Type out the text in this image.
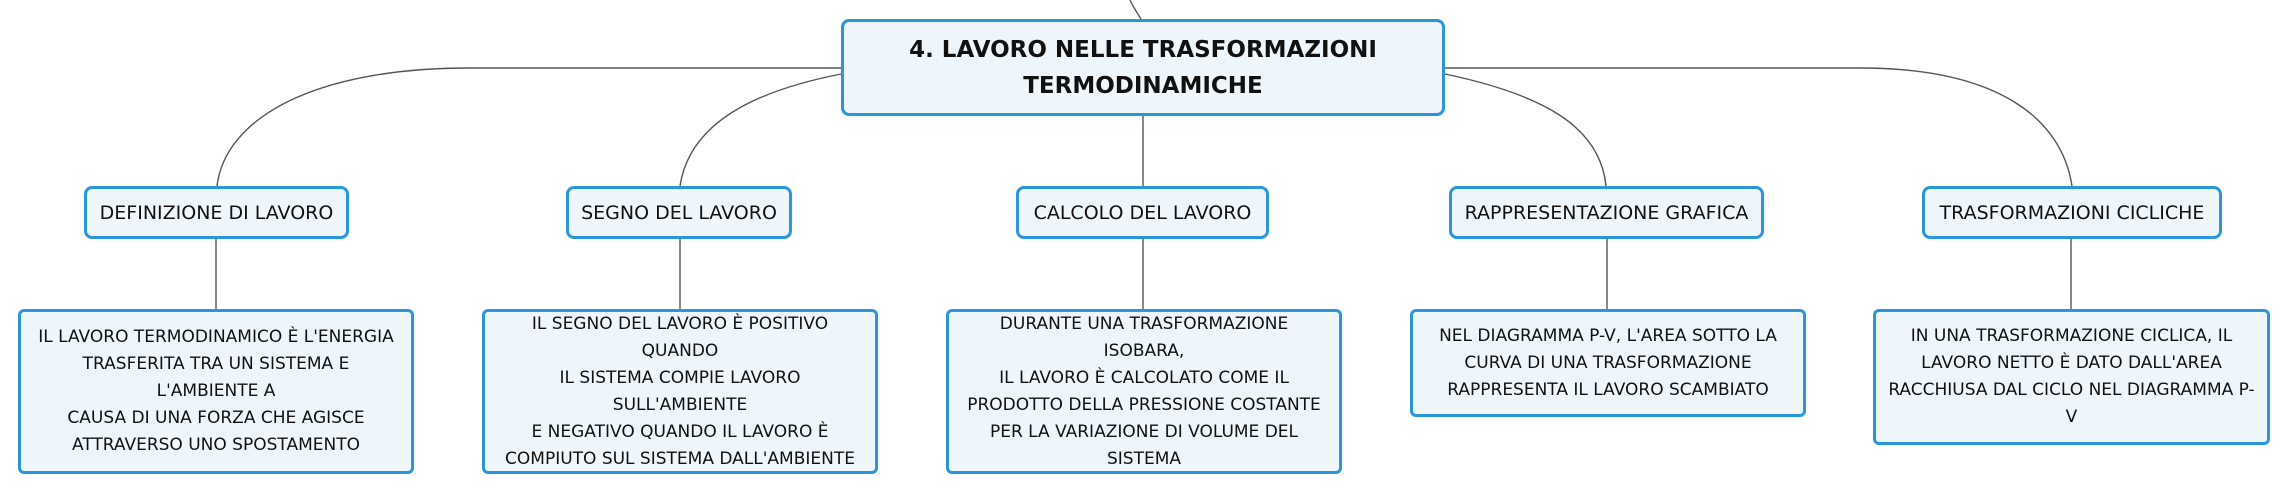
4. LAVORO NELLE TRASFORMAZIONI
TERMODINAMICHE
DEFINIZIONE DI LAVORO
IL LAVORO TERMODINAMICO È L'ENERGIA
TRASFERITA TRA UN SISTEMA E L'AMBIENTE A
CAUSA DI UNA FORZA CHE AGISCE
ATTRAVERSO UNO SPOSTAMENTO
SEGNO DEL LAVORO
IL SEGNO DEL LAVORO È POSITIVO QUANDO
IL SISTEMA COMPIE LAVORO SULL'AMBIENTE
E NEGATIVO QUANDO IL LAVORO È
COMPIUTO SUL SISTEMA DALL'AMBIENTE
CALCOLO DEL LAVORO
DURANTE UNA TRASFORMAZIONE ISOBARA,
IL LAVORO È CALCOLATO COME IL
PRODOTTO DELLA PRESSIONE COSTANTE
PER LA VARIAZIONE DI VOLUME DEL SISTEMA
RAPPRESENTAZIONE GRAFICA
NEL DIAGRAMMA P-V, L'AREA SOTTO LA
CURVA DI UNA TRASFORMAZIONE
RAPPRESENTA IL LAVORO SCAMBIATO
TRASFORMAZIONI CICLICHE
IN UNA TRASFORMAZIONE CICLICA, IL
LAVORO NETTO È DATO DALL'AREA
RACCHIUSA DAL CICLO NEL DIAGRAMMA P-V
